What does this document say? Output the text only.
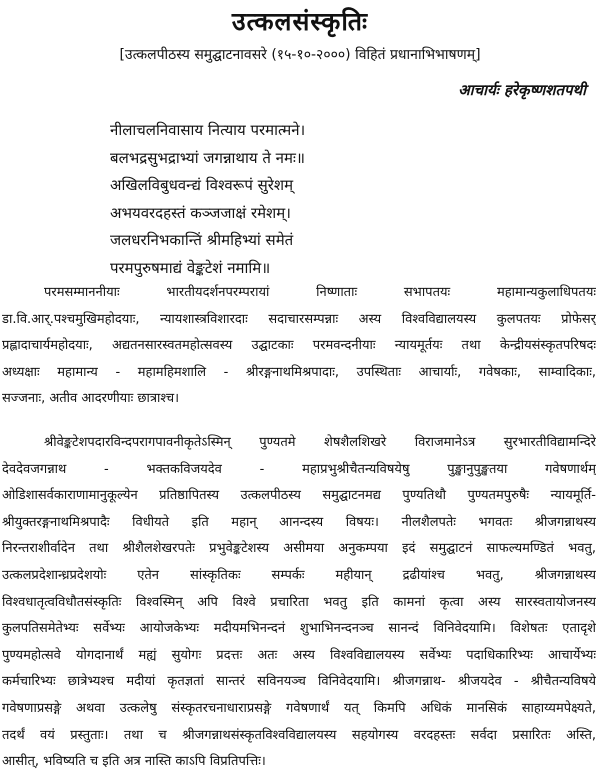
उत्कलसंस्कृतिः
[उत्कलपीठस्य समुद्घाटनावसरे (१५-१०-२०००) विहितं प्रधानाभिभाषणम्]
आचार्यः हरेकृष्णशतपथी
नीलाचलनिवासाय नित्याय परमात्मने।
बलभद्रसुभद्राभ्यां जगन्नाथाय ते नमः॥
अखिलविबुधवन्द्यं विश्वरूपं सुरेशम्
अभयवरदहस्तं कञ्जजाक्षं रमेशम्।
जलधरनिभकान्तिं श्रीमहिभ्यां समेतं
परमपुरुषमाद्यं वेङ्कटेशं नमामि॥
परमसम्माननीयाः भारतीयदर्शनपरम्परायां निष्णाताः सभापतयः महामान्यकुलाधिपतयः
डा.वि.आर्.पश्चमुखिमहोदयाः, न्यायशास्त्रविशारदाः सदाचारसम्पन्नाः अस्य विश्वविद्यालयस्य कुलपतयः प्रोफेसर्
प्रह्लादाचार्यमहोदयाः, अद्यतनसारस्वतमहोत्सवस्य उद्घाटकाः परमवन्दनीयाः न्यायमूर्तयः तथा केन्द्रीयसंस्कृतपरिषदः
अध्यक्षाः महामान्य - महामहिमशालि - श्रीरङ्गनाथमिश्रपादाः, उपस्थिताः आचार्याः, गवेषकाः, साम्वादिकाः,
सज्जनाः, अतीव आदरणीयाः छात्राश्च।
श्रीवेङ्कटेशपदारविन्दपरागपावनीकृतेऽस्मिन् पुण्यतमे शेषशैलशिखरे विराजमानेऽत्र सुरभारतीविद्यामन्दिरे
देवदेवजगन्नाथ - भक्तकविजयदेव - महाप्रभुश्रीचैतन्यविषयेषु पुङ्खानुपुङ्खतया गवेषणार्थम्
ओडिशासर्वकाराणामानुकूल्येन प्रतिष्ठापितस्य उत्कलपीठस्य समुद्घाटनमद्य पुण्यतिथौ पुण्यतमपुरुषैः न्यायमूर्ति-
श्रीयुक्तरङ्गनाथमिश्रपादैः विधीयते इति महान् आनन्दस्य विषयः। नीलशैलपतेः भगवतः श्रीजगन्नाथस्य
निरन्तराशीर्वादेन तथा श्रीशैलशेखरपतेः प्रभुवेङ्कटेशस्य असीमया अनुकम्पया इदं समुद्घाटनं साफल्यमण्डितं भवतु,
उत्कलप्रदेशान्ध्रप्रदेशयोः एतेन सांस्कृतिकः सम्पर्कः महीयान् द्रढीयांश्च भवतु, श्रीजगन्नाथस्य
विश्वधातृत्वविधौतसंस्कृतिः विश्वस्मिन् अपि विश्वे प्रचारिता भवतु इति कामनां कृत्वा अस्य सारस्वतायोजनस्य
कुलपतिसमेतेभ्यः सर्वेभ्यः आयोजकेभ्यः मदीयमभिनन्दनं शुभाभिनन्दनञ्च सानन्दं विनिवेदयामि। विशेषतः एतादृशे
पुण्यमहोत्सवे योगदानार्थं मह्यं सुयोगः प्रदत्तः अतः अस्य विश्वविद्यालयस्य सर्वेभ्यः पदाधिकारिभ्यः आचार्येभ्यः
कर्मचारिभ्यः छात्रेभ्यश्च मदीयां कृतज्ञतां सान्तरं सविनयञ्च विनिवेदयामि। श्रीजगन्नाथ- श्रीजयदेव - श्रीचैतन्यविषये
गवेषणाप्रसङ्गे अथवा उत्कलेषु संस्कृतरचनाधाराप्रसङ्गे गवेषणार्थं यत् किमपि अधिकं मानसिकं साहाय्यमपेक्ष्यते,
तदर्थं वयं प्रस्तुताः। तथा च श्रीजगन्नाथसंस्कृतविश्वविद्यालयस्य सहयोगस्य वरदहस्तः सर्वदा प्रसारितः अस्ति,
आसीत्, भविष्यति च इति अत्र नास्ति काऽपि विप्रतिपत्तिः।
